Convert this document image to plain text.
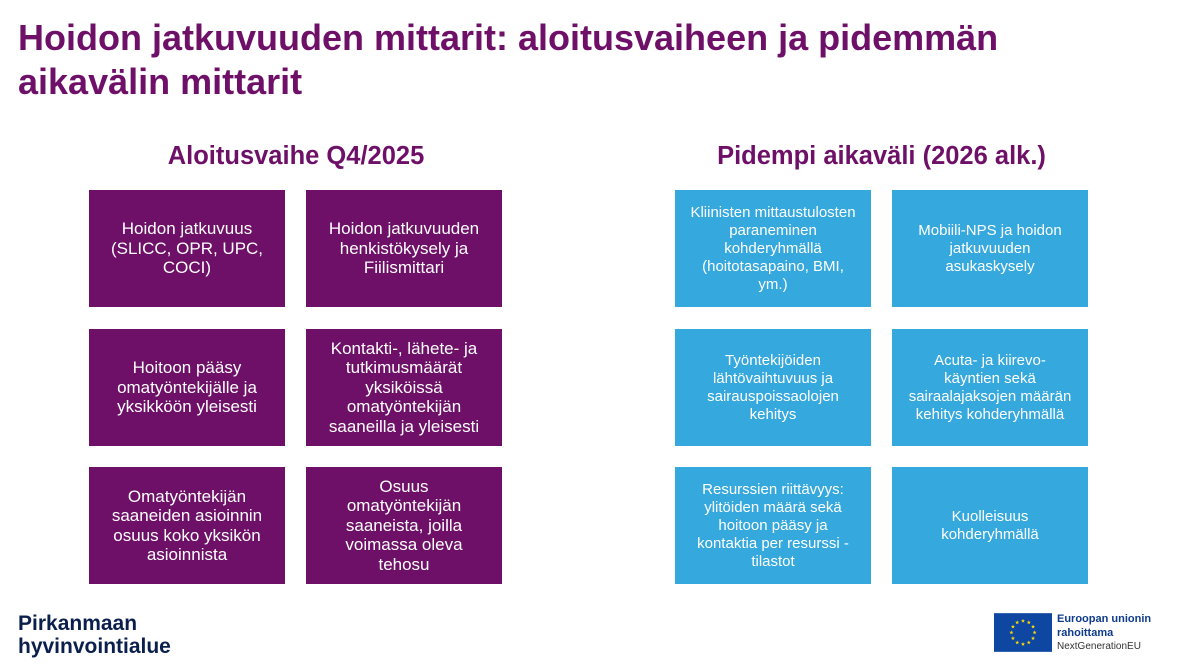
Hoidon jatkuvuuden mittarit: aloitusvaiheen ja pidemmän aikavälin mittarit
Aloitusvaihe Q4/2025	Pidempi aikaväli (2026 alk.)
Hoidon jatkuvuus
(SLICC, OPR, UPC,
COCI)
Hoidon jatkuvuuden
henkistökysely ja
Fiilismittari
Hoitoon pääsy
omatyöntekijälle ja
yksikköön yleisesti
Kontakti-, lähete- ja
tutkimusmäärät
yksiköissä
omatyöntekijän
saaneilla ja yleisesti
Omatyöntekijän
saaneiden asioinnin
osuus koko yksikön
asioinnista
Osuus
omatyöntekijän
saaneista, joilla
voimassa oleva
tehosu
Kliinisten mittaustulosten
paraneminen
kohderyhmällä
(hoitotasapaino, BMI,
ym.)
Mobiili-NPS ja hoidon
jatkuvuuden
asukaskysely
Työntekijöiden
lähtövaihtuvuus ja
sairauspoissaolojen
kehitys
Acuta- ja kiirevo-
käyntien sekä
sairaalajaksojen määrän
kehitys kohderyhmällä
Resurssien riittävyys:
ylitöiden määrä sekä
hoitoon pääsy ja
kontaktia per resurssi -
tilastot
Kuolleisuus
kohderyhmällä
Pirkanmaan
hyvinvointialue
Euroopan unionin
rahoittama
NextGenerationEU
